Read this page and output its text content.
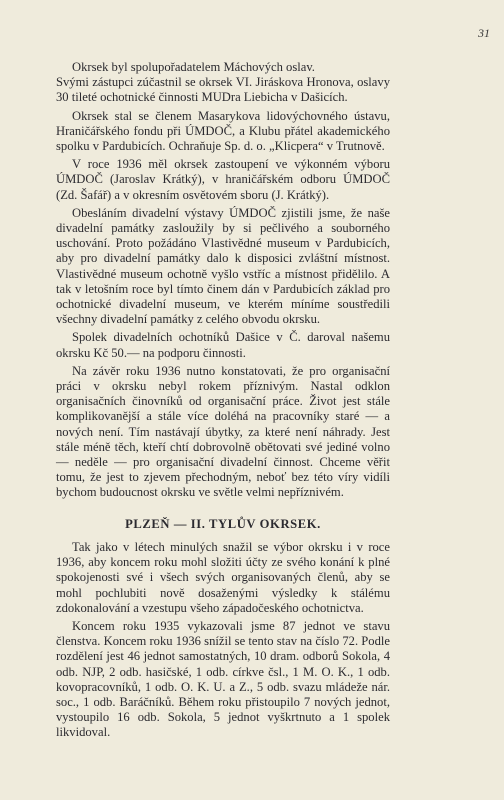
31

Okrsek byl spolupořadatelem Máchových oslav.
Svými zástupci zúčastnil se okrsek VI. Jiráskova Hronova, oslavy 30 tileté ochotnické činnosti MUDra Liebicha v Dašicích.

Okrsek stal se členem Masarykova lidovýchovného ústavu, Hraničářského fondu při ÚMDOČ, a Klubu přátel akademického spolku v Pardubicích. Ochraňuje Sp. d. o. „Klicpera“ v Trutnově.

V roce 1936 měl okrsek zastoupení ve výkonném výboru ÚMDOČ (Jaroslav Krátký), v hraničářském odboru ÚMDOČ (Zd. Šafář) a v okresním osvětovém sboru (J. Krátký).

Obesláním divadelní výstavy ÚMDOČ zjistili jsme, že naše divadelní památky zasloužily by si pečlivého a souborného uschování. Proto požádáno Vlastivědné museum v Pardubicích, aby pro divadelní památky dalo k disposici zvláštní místnost. Vlastivědné museum ochotně vyšlo vstříc a místnost přidělilo. A tak v letošním roce byl tímto činem dán v Pardubicích základ pro ochotnické divadelní museum, ve kterém míníme soustředili všechny divadelní památky z celého obvodu okrsku.

Spolek divadelních ochotníků Dašice v Č. daroval našemu okrsku Kč 50.— na podporu činnosti.

Na závěr roku 1936 nutno konstatovati, že pro organisační práci v okrsku nebyl rokem příznivým. Nastal odklon organisačních činovníků od organisační práce. Život jest stále komplikovanější a stále více doléhá na pracovníky staré — a nových není. Tím nastávají úbytky, za které není náhrady. Jest stále méně těch, kteří chtí dobrovolně obětovati své jediné volno — neděle — pro organisační divadelní činnost. Chceme věřit tomu, že jest to zjevem přechodným, neboť bez této víry vidíli bychom budoucnost okrsku ve světle velmi nepříznivém.

PLZEŇ — II. TYLŮV OKRSEK.

Tak jako v létech minulých snažil se výbor okrsku i v roce 1936, aby koncem roku mohl složiti účty ze svého konání k plné spokojenosti své i všech svých organisovaných členů, aby se mohl pochlubiti nově dosaženými výsledky k stálému zdokonalování a vzestupu všeho západočeského ochotnictva.

Koncem roku 1935 vykazovali jsme 87 jednot ve stavu členstva. Koncem roku 1936 snížil se tento stav na číslo 72. Podle rozdělení jest 46 jednot samostatných, 10 dram. odborů Sokola, 4 odb. NJP, 2 odb. hasičské, 1 odb. církve čsl., 1 M. O. K., 1 odb. kovopracovníků, 1 odb. O. K. U. a Z., 5 odb. svazu mládeže nár. soc., 1 odb. Baráčníků. Během roku přistoupilo 7 nových jednot, vystoupilo 16 odb. Sokola, 5 jednot vyškrtnuto a 1 spolek likvidoval.
